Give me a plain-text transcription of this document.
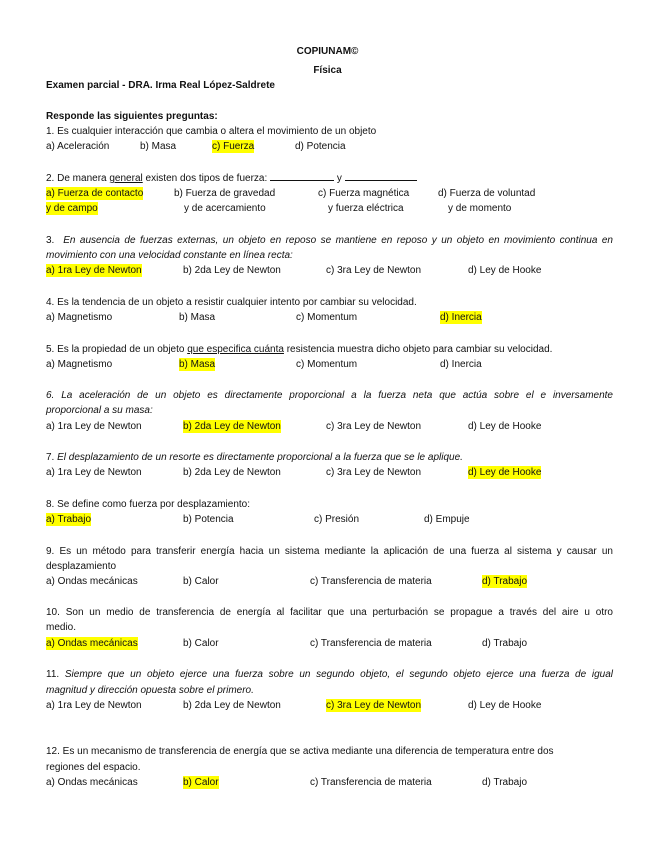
COPIUNAM©
Física
Examen parcial - DRA. Irma Real López-Saldrete
Responde las siguientes preguntas:
1. Es cualquier interacción que cambia o altera el movimiento de un objeto
a) Aceleración	b) Masa	c) Fuerza	d) Potencia
2. De manera general existen dos tipos de fuerza:	y
a) Fuerza de contacto
y de campo
b) Fuerza de gravedad
y de acercamiento
c) Fuerza magnética
y fuerza eléctrica
d) Fuerza de voluntad
y de momento
3. En ausencia de fuerzas externas, un objeto en reposo se mantiene en reposo y un objeto en movimiento continua en
movimiento con una velocidad constante en línea recta:
a) 1ra Ley de Newton	b) 2da Ley de Newton	c) 3ra Ley de Newton	d) Ley de Hooke
4. Es la tendencia de un objeto a resistir cualquier intento por cambiar su velocidad.
a) Magnetismo	b) Masa	c) Momentum	d) Inercia
5. Es la propiedad de un objeto que especifica cuánta resistencia muestra dicho objeto para cambiar su velocidad.
a) Magnetismo	b) Masa	c) Momentum	d) Inercia
6. La aceleración de un objeto es directamente proporcional a la fuerza neta que actúa sobre el e inversamente
proporcional a su masa:
a) 1ra Ley de Newton	b) 2da Ley de Newton	c) 3ra Ley de Newton	d) Ley de Hooke
7. El desplazamiento de un resorte es directamente proporcional a la fuerza que se le aplique.
a) 1ra Ley de Newton	b) 2da Ley de Newton	c) 3ra Ley de Newton	d) Ley de Hooke
8. Se define como fuerza por desplazamiento:
a) Trabajo	b) Potencia	c) Presión	d) Empuje
9. Es un método para transferir energía hacia un sistema mediante la aplicación de una fuerza al sistema y causar un
desplazamiento
a) Ondas mecánicas	b) Calor	c) Transferencia de materia	d) Trabajo
10. Son un medio de transferencia de energía al facilitar que una perturbación se propague a través del aire u otro
medio.
a) Ondas mecánicas	b) Calor	c) Transferencia de materia	d) Trabajo
11. Siempre que un objeto ejerce una fuerza sobre un segundo objeto, el segundo objeto ejerce una fuerza de igual
magnitud y dirección opuesta sobre el primero.
a) 1ra Ley de Newton	b) 2da Ley de Newton	c) 3ra Ley de Newton	d) Ley de Hooke
12. Es un mecanismo de transferencia de energía que se activa mediante una diferencia de temperatura entre dos
regiones del espacio.
a) Ondas mecánicas	b) Calor	c) Transferencia de materia	d) Trabajo
